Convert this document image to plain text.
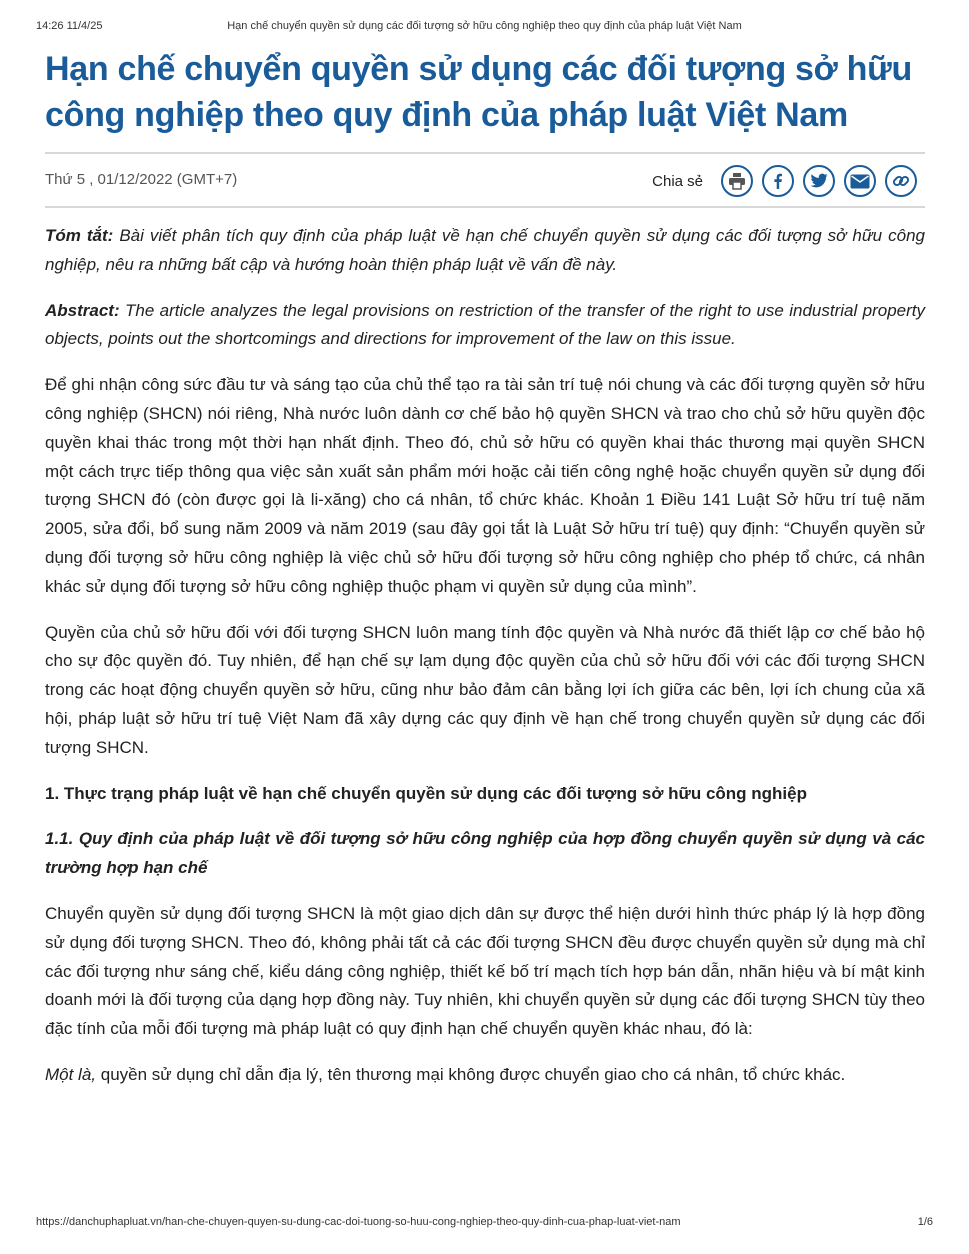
14:26 11/4/25	Hạn chế chuyển quyền sử dụng các đối tượng sở hữu công nghiệp theo quy định của pháp luật Việt Nam
Hạn chế chuyển quyền sử dụng các đối tượng sở hữu công nghiệp theo quy định của pháp luật Việt Nam
Thứ 5 , 01/12/2022 (GMT+7)	Chia sẻ

Tóm tắt: Bài viết phân tích quy định của pháp luật về hạn chế chuyển quyền sử dụng các đối tượng sở hữu công nghiệp, nêu ra những bất cập và hướng hoàn thiện pháp luật về vấn đề này.

Abstract: The article analyzes the legal provisions on restriction of the transfer of the right to use industrial property objects, points out the shortcomings and directions for improvement of the law on this issue.

Để ghi nhận công sức đầu tư và sáng tạo của chủ thể tạo ra tài sản trí tuệ nói chung và các đối tượng quyền sở hữu công nghiệp (SHCN) nói riêng, Nhà nước luôn dành cơ chế bảo hộ quyền SHCN và trao cho chủ sở hữu quyền độc quyền khai thác trong một thời hạn nhất định. Theo đó, chủ sở hữu có quyền khai thác thương mại quyền SHCN một cách trực tiếp thông qua việc sản xuất sản phẩm mới hoặc cải tiến công nghệ hoặc chuyển quyền sử dụng đối tượng SHCN đó (còn được gọi là li-xăng) cho cá nhân, tổ chức khác. Khoản 1 Điều 141 Luật Sở hữu trí tuệ năm 2005, sửa đổi, bổ sung năm 2009 và năm 2019 (sau đây gọi tắt là Luật Sở hữu trí tuệ) quy định: “Chuyển quyền sử dụng đối tượng sở hữu công nghiệp là việc chủ sở hữu đối tượng sở hữu công nghiệp cho phép tổ chức, cá nhân khác sử dụng đối tượng sở hữu công nghiệp thuộc phạm vi quyền sử dụng của mình”.

Quyền của chủ sở hữu đối với đối tượng SHCN luôn mang tính độc quyền và Nhà nước đã thiết lập cơ chế bảo hộ cho sự độc quyền đó. Tuy nhiên, để hạn chế sự lạm dụng độc quyền của chủ sở hữu đối với các đối tượng SHCN trong các hoạt động chuyển quyền sở hữu, cũng như bảo đảm cân bằng lợi ích giữa các bên, lợi ích chung của xã hội, pháp luật sở hữu trí tuệ Việt Nam đã xây dựng các quy định về hạn chế trong chuyển quyền sử dụng các đối tượng SHCN.

1. Thực trạng pháp luật về hạn chế chuyển quyền sử dụng các đối tượng sở hữu công nghiệp

1.1. Quy định của pháp luật về đối tượng sở hữu công nghiệp của hợp đồng chuyển quyền sử dụng và các trường hợp hạn chế

Chuyển quyền sử dụng đối tượng SHCN là một giao dịch dân sự được thể hiện dưới hình thức pháp lý là hợp đồng sử dụng đối tượng SHCN. Theo đó, không phải tất cả các đối tượng SHCN đều được chuyển quyền sử dụng mà chỉ các đối tượng như sáng chế, kiểu dáng công nghiệp, thiết kế bố trí mạch tích hợp bán dẫn, nhãn hiệu và bí mật kinh doanh mới là đối tượng của dạng hợp đồng này. Tuy nhiên, khi chuyển quyền sử dụng các đối tượng SHCN tùy theo đặc tính của mỗi đối tượng mà pháp luật có quy định hạn chế chuyển quyền khác nhau, đó là:

Một là, quyền sử dụng chỉ dẫn địa lý, tên thương mại không được chuyển giao cho cá nhân, tổ chức khác.

https://danchuphapluat.vn/han-che-chuyen-quyen-su-dung-cac-doi-tuong-so-huu-cong-nghiep-theo-quy-dinh-cua-phap-luat-viet-nam	1/6
